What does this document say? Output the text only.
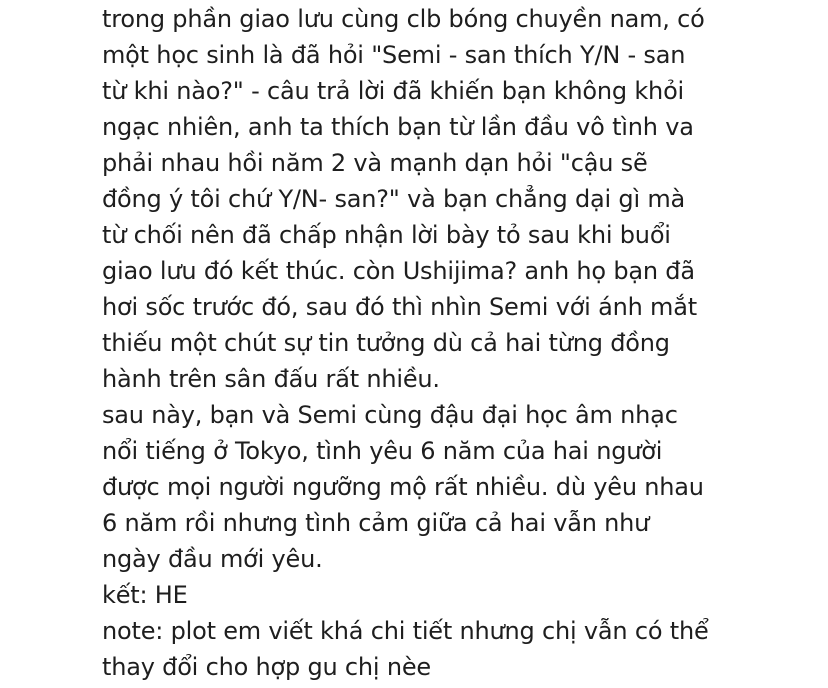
trong phần giao lưu cùng clb bóng chuyền nam, có
một học sinh là đã hỏi "Semi - san thích Y/N - san
từ khi nào?" - câu trả lời đã khiến bạn không khỏi
ngạc nhiên, anh ta thích bạn từ lần đầu vô tình va
phải nhau hồi năm 2 và mạnh dạn hỏi "cậu sẽ
đồng ý tôi chứ Y/N- san?" và bạn chẳng dại gì mà
từ chối nên đã chấp nhận lời bày tỏ sau khi buổi
giao lưu đó kết thúc. còn Ushijima? anh họ bạn đã
hơi sốc trước đó, sau đó thì nhìn Semi với ánh mắt
thiếu một chút sự tin tưởng dù cả hai từng đồng
hành trên sân đấu rất nhiều.
sau này, bạn và Semi cùng đậu đại học âm nhạc
nổi tiếng ở Tokyo, tình yêu 6 năm của hai người
được mọi người ngưỡng mộ rất nhiều. dù yêu nhau
6 năm rồi nhưng tình cảm giữa cả hai vẫn như
ngày đầu mới yêu.
kết: HE
note: plot em viết khá chi tiết nhưng chị vẫn có thể
thay đổi cho hợp gu chị nèe
